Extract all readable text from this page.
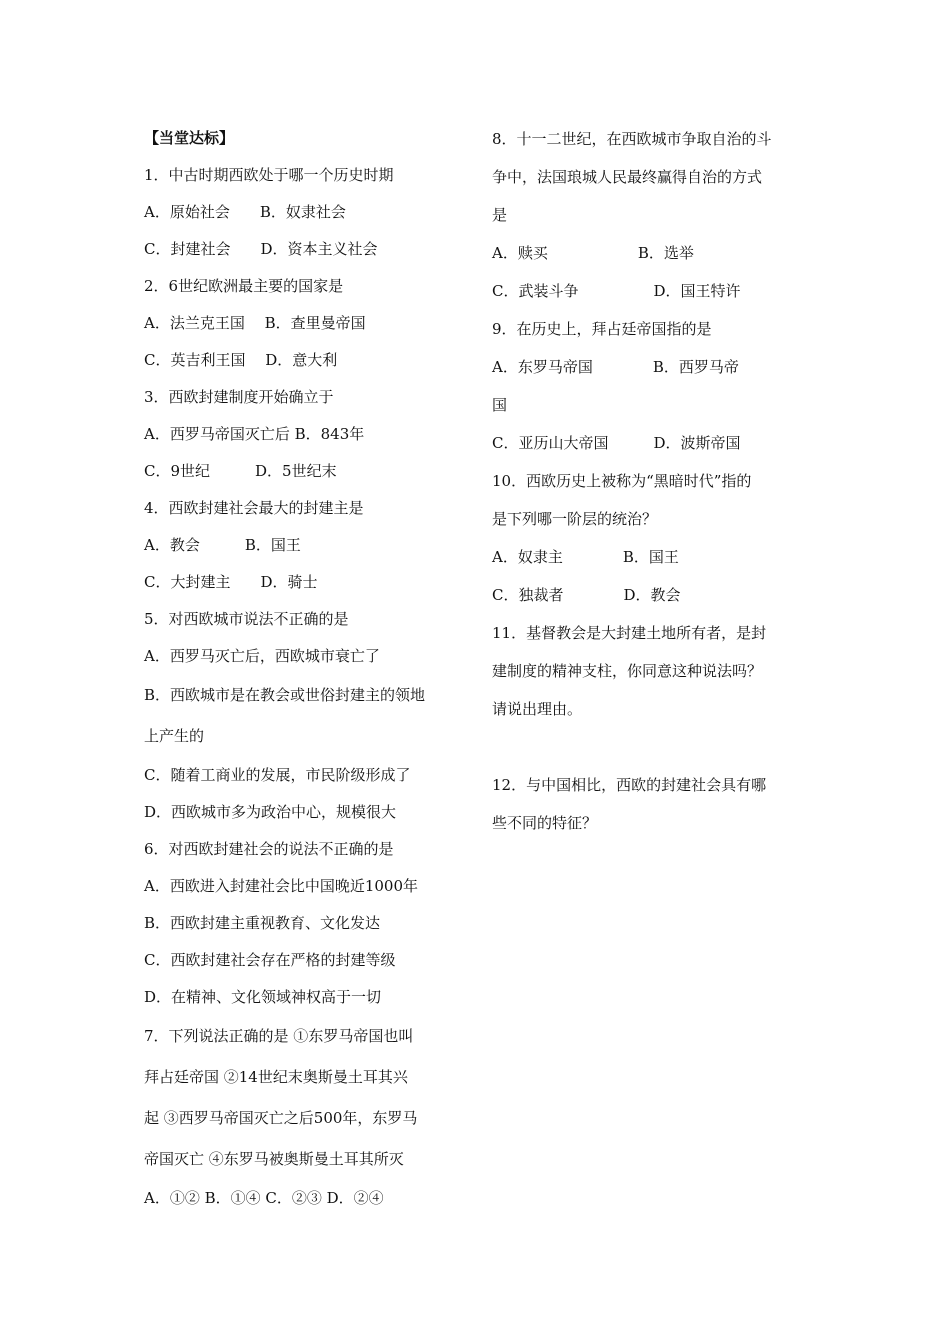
【当堂达标】
1．中古时期西欧处于哪一个历史时期
A．原始社会　　B．奴隶社会
C．封建社会　　D．资本主义社会
2．6世纪欧洲最主要的国家是
A．法兰克王国　 B．查里曼帝国
C．英吉利王国　 D．意大利
3．西欧封建制度开始确立于
A．西罗马帝国灭亡后 B．843年
C．9世纪　　　D．5世纪末
4．西欧封建社会最大的封建主是
A．教会　　　B．国王
C．大封建主　　D．骑士
5．对西欧城市说法不正确的是
A．西罗马灭亡后，西欧城市衰亡了
B．西欧城市是在教会或世俗封建主的领地
上产生的
C．随着工商业的发展，市民阶级形成了
D．西欧城市多为政治中心，规模很大
6．对西欧封建社会的说法不正确的是
A．西欧进入封建社会比中国晚近1000年
B．西欧封建主重视教育、文化发达
C．西欧封建社会存在严格的封建等级
D．在精神、文化领域神权高于一切
7．下列说法正确的是 ①东罗马帝国也叫
拜占廷帝国 ②14世纪末奥斯曼土耳其兴
起 ③西罗马帝国灭亡之后500年，东罗马
帝国灭亡 ④东罗马被奥斯曼土耳其所灭
A．①② B．①④ C．②③ D．②④
8．十一二世纪，在西欧城市争取自治的斗
争中，法国琅城人民最终赢得自治的方式
是
A．赎买　　　　　　B．选举
C．武装斗争　　　　　D．国王特许
9．在历史上，拜占廷帝国指的是
A．东罗马帝国　　　　B．西罗马帝
国
C．亚历山大帝国　　　D．波斯帝国
10．西欧历史上被称为“黑暗时代”指的
是下列哪一阶层的统治？
A．奴隶主　　　　B．国王
C．独裁者　　　　D．教会
11．基督教会是大封建土地所有者，是封
建制度的精神支柱，你同意这种说法吗？
请说出理由。
12．与中国相比，西欧的封建社会具有哪
些不同的特征？
